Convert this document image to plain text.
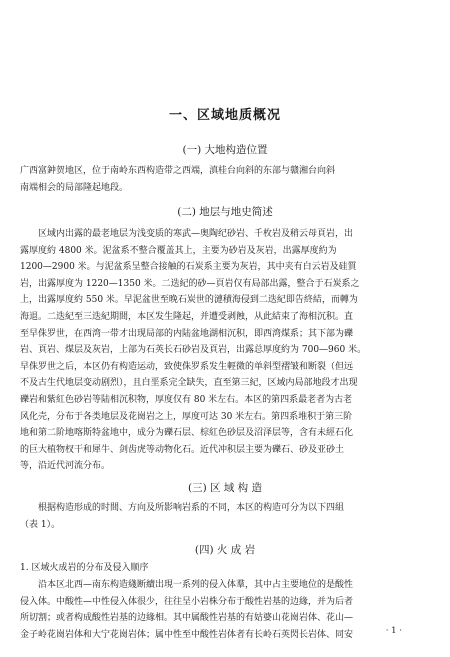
一、区域地质概况
(一) 大地构造位置
广西富鈡贺地区，位于南岭东西构造带之西端，滇桂台向斜的东部与赣湘台向斜
南端相会的局部隆起地段。
(二) 地层与地史简述
区域内出露的最老地层为浅变质的寒武—奥陶纪砂岩、千枚岩及稍云母頁岩，出
露厚度約 4800 米。泥盆系不整合覆盖其上，主要为砂岩及灰岩，出露厚度約为
1200—2900 米。与泥盆系呈整合接触的石炭系主要为灰岩，其中夹有白云岩及硅質
岩，出露厚度为 1220—1350 米。二迭紀的砂—頁岩仅有局部出露，整合于石炭系之
上，出露厚度約 550 米。早泥盆世至晚石炭世的漣積海侵到二迭紀即告終結，而轉为
海退。二迭紀至三迭紀期間，本区发生隆起，并遭受剥蝕，从此結束了海相沉积。直
至早侏罗世，在西湾一带才出现局部的内陆盆地湖相沉积，即西湾煤系；其下部为礫
岩、頁岩、煤层及灰岩，上部为石英长石砂岩及頁岩，出露总厚度約为 700—960 米。
早侏罗世之后，本区仍有构造运动，致使侏罗系发生輕微的单斜型褶皱和断裂（但远
不及古生代地层变动剧烈），且白垩系完全缺失，直至第三紀，区域内局部地段才出现
礫岩和紫紅色砂岩等陆相沉积物，厚度仅有 80 米左右。本区的第四系最老者为古老
风化壳，分布于各类地层及花崗岩之上，厚度可达 30 米左右。第四系堆积于第三阶
地和第二阶地喀斯特盆地中，成分为礫石层、棕紅色砂层及沼泽层等，含有未經石化
的巨大植物杈干和犀牛、剑齿虎等动物化石。近代冲积层主要为礫石、砂及亚砂土
等，沿近代河流分布。
(三) 区 域 构 造
根据构造形成的时間、方向及所影响岩系的不同，本区的构造可分为以下四組
（表 1）。
(四) 火 成 岩
1. 区域火成岩的分布及侵入顺序
沿本区北西—南东构造綫断續出現一系列的侵入体羣，其中占主要地位的是酸性
侵入体。中酸性—中性侵入体很少，往往呈小岩株分布于酸性岩基的边緣，并为后者
所切割；或者构成酸性岩基的边緣相。其中属酸性岩基的有姑婆山花崗岩体、花山—
金子岭花崗岩体和大宁花崗岩体；属中性至中酸性岩体者有长岭石英閃长岩体、同安	· 1 ·
